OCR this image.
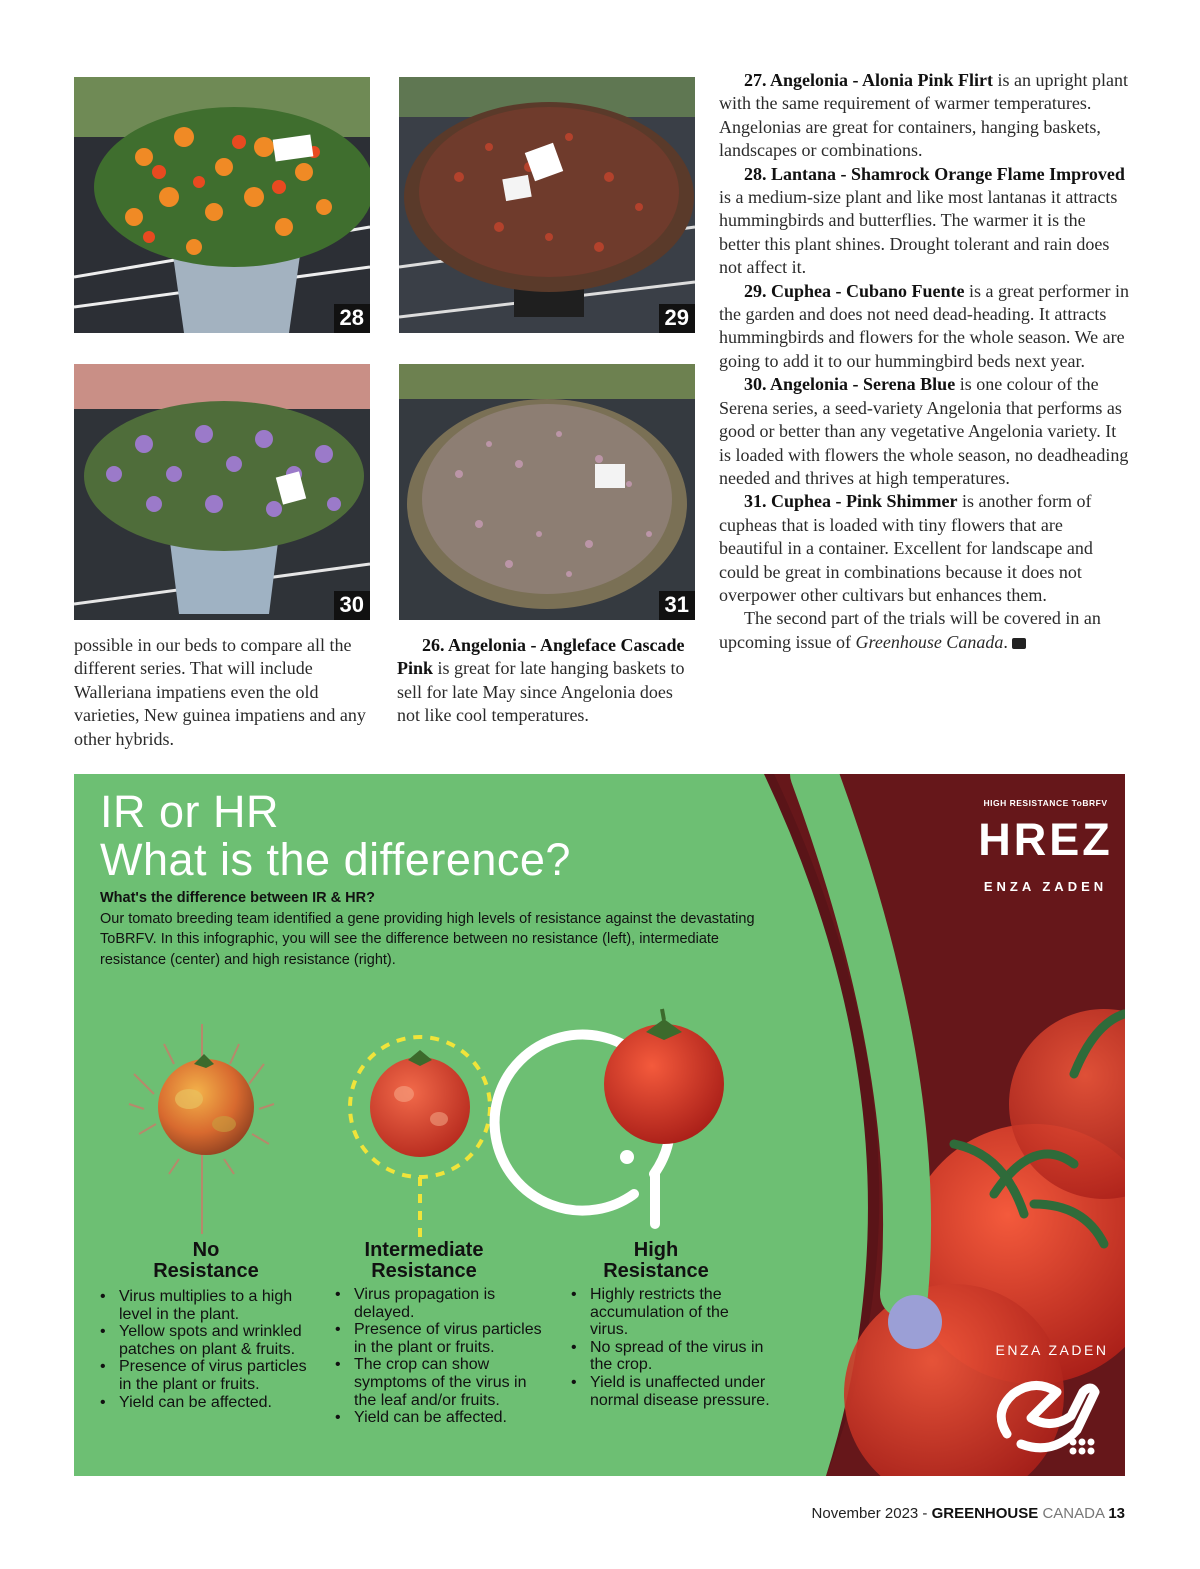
28	29
30	31

possible in our beds to compare all the different series. That will include Walleriana impatiens even the old varieties, New guinea impatiens and any other hybrids.

26. Angelonia - Angleface Cascade Pink is great for late hanging baskets to sell for late May since Angelonia does not like cool temperatures.

27. Angelonia - Alonia Pink Flirt is an upright plant with the same requirement of warmer temperatures. Angelonias are great for containers, hanging baskets, landscapes or combinations.

28. Lantana - Shamrock Orange Flame Improved is a medium-size plant and like most lantanas it attracts hummingbirds and butterflies. The warmer it is the better this plant shines. Drought tolerant and rain does not affect it.

29. Cuphea - Cubano Fuente is a great performer in the garden and does not need dead-heading. It attracts hummingbirds and flowers for the whole season. We are going to add it to our hummingbird beds next year.

30. Angelonia - Serena Blue is one colour of the Serena series, a seed-variety Angelonia that performs as good or better than any vegetative Angelonia variety. It is loaded with flowers the whole season, no deadheading needed and thrives at high temperatures.

31. Cuphea - Pink Shimmer is another form of cupheas that is loaded with tiny flowers that are beautiful in a container. Excellent for landscape and could be great in combinations because it does not overpower other cultivars but enhances them.

The second part of the trials will be covered in an upcoming issue of Greenhouse Canada.	GC

IR or HR
What is the difference?
What's the difference between IR & HR?
Our tomato breeding team identified a gene providing high levels of resistance against the devastating ToBRFV. In this infographic, you will see the difference between no resistance (left), intermediate resistance (center) and high resistance (right).
No
Resistance
Intermediate
Resistance
High
Resistance
• Virus multiplies to a high level in the plant.
• Yellow spots and wrinkled patches on plant & fruits.
• Presence of virus particles in the plant or fruits.
• Yield can be affected.
• Virus propagation is delayed.
• Presence of virus particles in the plant or fruits.
• The crop can show symptoms of the virus in the leaf and/or fruits.
• Yield can be affected.
• Highly restricts the accumulation of the virus.
• No spread of the virus in the crop.
• Yield is unaffected under normal disease pressure.
HIGH RESISTANCE ToBRFV
HREZ
ENZA ZADEN
ENZA ZADEN
November 2023 - GREENHOUSE CANADA 13
